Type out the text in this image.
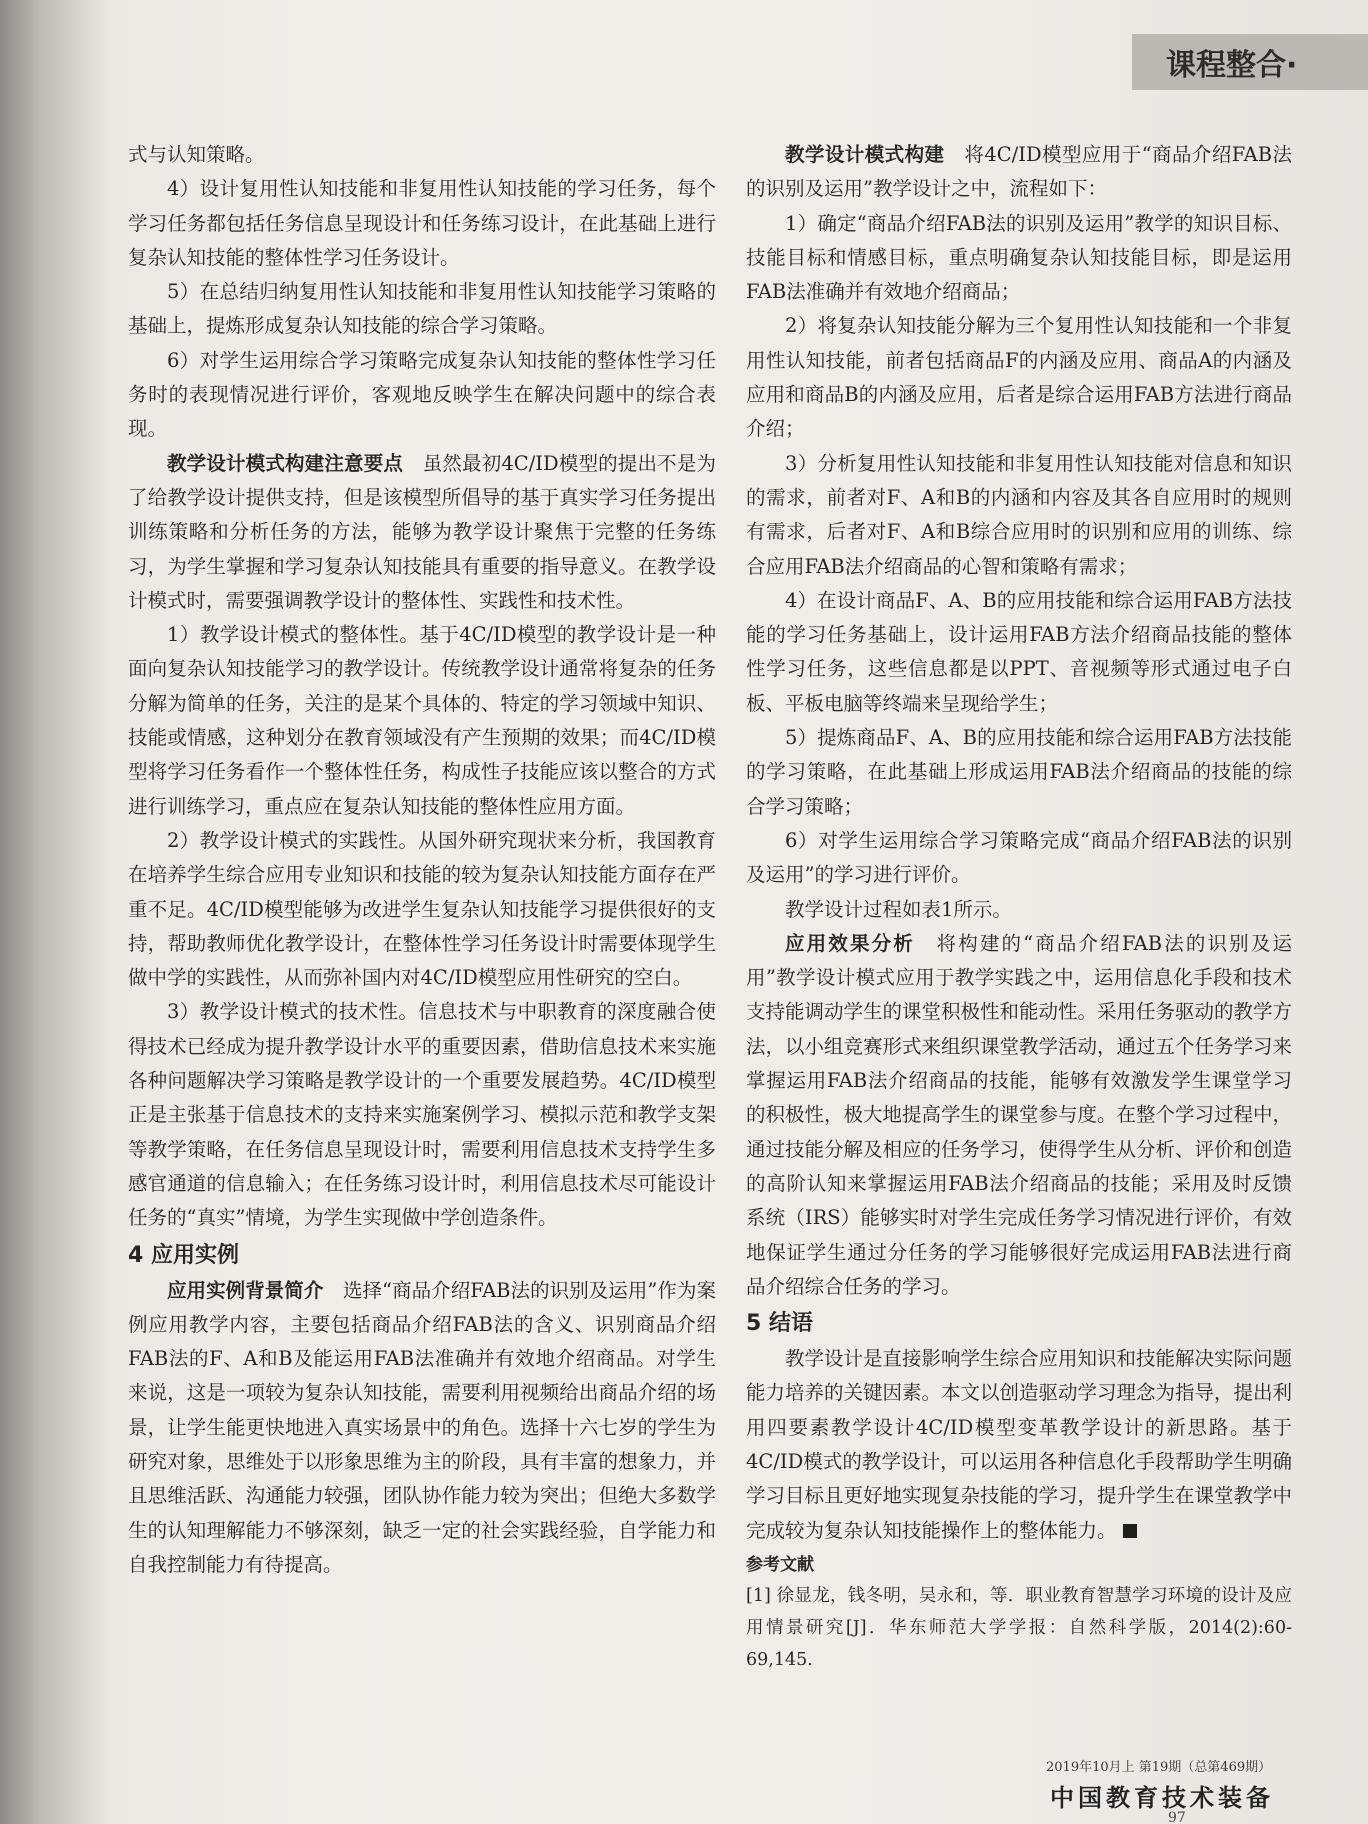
课程整合·

式与认知策略。

4）设计复用性认知技能和非复用性认知技能的学习任务，每个学习任务都包括任务信息呈现设计和任务练习设计，在此基础上进行复杂认知技能的整体性学习任务设计。

5）在总结归纳复用性认知技能和非复用性认知技能学习策略的基础上，提炼形成复杂认知技能的综合学习策略。

6）对学生运用综合学习策略完成复杂认知技能的整体性学习任务时的表现情况进行评价，客观地反映学生在解决问题中的综合表现。

教学设计模式构建注意要点　 虽然最初4C/ID模型的提出不是为了给教学设计提供支持，但是该模型所倡导的基于真实学习任务提出训练策略和分析任务的方法，能够为教学设计聚焦于完整的任务练习，为学生掌握和学习复杂认知技能具有重要的指导意义。在教学设计模式时，需要强调教学设计的整体性、实践性和技术性。

1）教学设计模式的整体性。基于4C/ID模型的教学设计是一种面向复杂认知技能学习的教学设计。传统教学设计通常将复杂的任务分解为简单的任务，关注的是某个具体的、特定的学习领域中知识、技能或情感，这种划分在教育领域没有产生预期的效果；而4C/ID模型将学习任务看作一个整体性任务，构成性子技能应该以整合的方式进行训练学习，重点应在复杂认知技能的整体性应用方面。

2）教学设计模式的实践性。从国外研究现状来分析，我国教育在培养学生综合应用专业知识和技能的较为复杂认知技能方面存在严重不足。4C/ID模型能够为改进学生复杂认知技能学习提供很好的支持，帮助教师优化教学设计，在整体性学习任务设计时需要体现学生做中学的实践性，从而弥补国内对4C/ID模型应用性研究的空白。

3）教学设计模式的技术性。信息技术与中职教育的深度融合使得技术已经成为提升教学设计水平的重要因素，借助信息技术来实施各种问题解决学习策略是教学设计的一个重要发展趋势。4C/ID模型正是主张基于信息技术的支持来实施案例学习、模拟示范和教学支架等教学策略，在任务信息呈现设计时，需要利用信息技术支持学生多感官通道的信息输入；在任务练习设计时，利用信息技术尽可能设计任务的“真实”情境，为学生实现做中学创造条件。

4 应用实例

应用实例背景简介　 选择“商品介绍FAB法的识别及运用”作为案例应用教学内容，主要包括商品介绍FAB法的含义、识别商品介绍FAB法的F、A和B及能运用FAB法准确并有效地介绍商品。对学生来说，这是一项较为复杂认知技能，需要利用视频给出商品介绍的场景，让学生能更快地进入真实场景中的角色。选择十六七岁的学生为研究对象，思维处于以形象思维为主的阶段，具有丰富的想象力，并且思维活跃、沟通能力较强，团队协作能力较为突出；但绝大多数学生的认知理解能力不够深刻，缺乏一定的社会实践经验，自学能力和自我控制能力有待提高。

教学设计模式构建　 将4C/ID模型应用于“商品介绍FAB法的识别及运用”教学设计之中，流程如下：

1）确定“商品介绍FAB法的识别及运用”教学的知识目标、技能目标和情感目标，重点明确复杂认知技能目标，即是运用FAB法准确并有效地介绍商品；

2）将复杂认知技能分解为三个复用性认知技能和一个非复用性认知技能，前者包括商品F的内涵及应用、商品A的内涵及应用和商品B的内涵及应用，后者是综合运用FAB方法进行商品介绍；

3）分析复用性认知技能和非复用性认知技能对信息和知识的需求，前者对F、A和B的内涵和内容及其各自应用时的规则有需求，后者对F、A和B综合应用时的识别和应用的训练、综合应用FAB法介绍商品的心智和策略有需求；

4）在设计商品F、A、B的应用技能和综合运用FAB方法技能的学习任务基础上，设计运用FAB方法介绍商品技能的整体性学习任务，这些信息都是以PPT、音视频等形式通过电子白板、平板电脑等终端来呈现给学生；

5）提炼商品F、A、B的应用技能和综合运用FAB方法技能的学习策略，在此基础上形成运用FAB法介绍商品的技能的综合学习策略；

6）对学生运用综合学习策略完成“商品介绍FAB法的识别及运用”的学习进行评价。

教学设计过程如表1所示。

应用效果分析　 将构建的“商品介绍FAB法的识别及运用”教学设计模式应用于教学实践之中，运用信息化手段和技术支持能调动学生的课堂积极性和能动性。采用任务驱动的教学方法，以小组竞赛形式来组织课堂教学活动，通过五个任务学习来掌握运用FAB法介绍商品的技能，能够有效激发学生课堂学习的积极性，极大地提高学生的课堂参与度。在整个学习过程中，通过技能分解及相应的任务学习，使得学生从分析、评价和创造的高阶认知来掌握运用FAB法介绍商品的技能；采用及时反馈系统（IRS）能够实时对学生完成任务学习情况进行评价，有效地保证学生通过分任务的学习能够很好完成运用FAB法进行商品介绍综合任务的学习。

5 结语

教学设计是直接影响学生综合应用知识和技能解决实际问题能力培养的关键因素。本文以创造驱动学习理念为指导，提出利用四要素教学设计4C/ID模型变革教学设计的新思路。基于4C/ID模式的教学设计，可以运用各种信息化手段帮助学生明确学习目标且更好地实现复杂技能的学习，提升学生在课堂教学中完成较为复杂认知技能操作上的整体能力。

参考文献

[1] 徐显龙，钱冬明，吴永和，等．职业教育智慧学习环境的设计及应用情景研究[J]．华东师范大学学报：自然科学版，2014(2):60-69,145.

2019年10月上 第19期（总第469期）
中国教育技术装备
97
